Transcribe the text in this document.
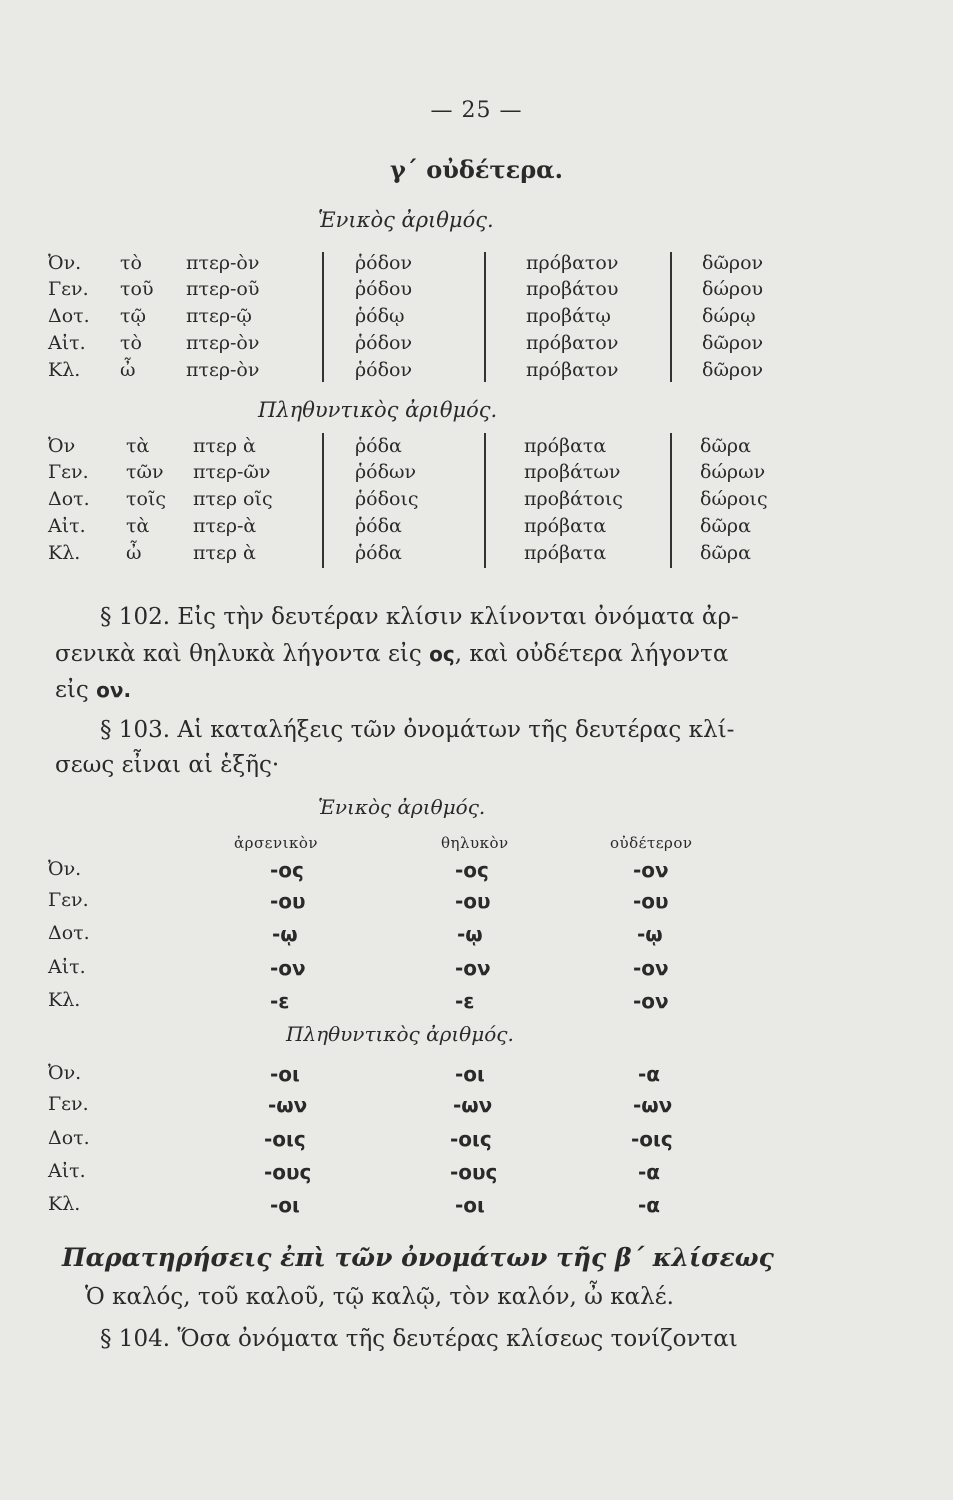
— 25 —
γ΄ οὐδέτερα.
Ἑνικὸς ἀριθμός.
Ὀν. τὸ πτερ-ὸν	ῥόδον	πρόβατον	δῶρον
Γεν. τοῦ πτερ-οῦ	ῥόδου	προβάτου	δώρου
Δοτ. τῷ πτερ-ῷ	ῥόδῳ	προβάτῳ	δώρῳ
Αἰτ. τὸ πτερ-ὸν	ῥόδον	πρόβατον	δῶρον
Κλ. ὦ	πτερ-ὸν	ῥόδον	πρόβατον	δῶρον
Πληθυντικὸς ἀριθμός.
Ὀν	τὰ πτερ ὰ	ῥόδα	πρόβατα	δῶρα
Γεν. τῶν πτερ-ῶν	ῥόδων	προβάτων	δώρων
Δοτ. τοῖς πτερ οῖς	ῥόδοις	προβάτοις	δώροις
Αἰτ. τὰ πτερ-ὰ	ῥόδα	πρόβατα	δῶρα
Κλ. ὦ	πτερ ὰ	ῥόδα	πρόβατα	δῶρα
§ 102. Εἰς τὴν δευτέραν κλίσιν κλίνονται ὀνόματα ἀρ-
σενικὰ καὶ θηλυκὰ λήγοντα εἰς ος, καὶ οὐδέτερα λήγοντα
εἰς ον.
§ 103. Αἱ καταλήξεις τῶν ὀνομάτων τῆς δευτέρας κλί-
σεως εἶναι αἱ ἑξῆς·
Ἑνικὸς ἀριθμός.
ἀρσενικὸν	θηλυκὸν	οὐδέτερον
Ὀν.	-ος	-ος	-ον
Γεν.	-ου	-ου	-ου
Δοτ.	-ῳ	-ῳ	-ῳ
Αἰτ.	-ον	-ον	-ον
Κλ.	-ε	-ε	-ον
Πληθυντικὸς ἀριθμός.
Ὀν.	-οι	-οι	-α
Γεν.	-ων	-ων	-ων
Δοτ.	-οις	-οις	-οις
Αἰτ.	-ους	-ους	-α
Κλ.	-οι	-οι	-α
Παρατηρήσεις ἐπὶ τῶν ὀνομάτων τῆς β΄ κλίσεως
Ὁ καλός, τοῦ καλοῦ, τῷ καλῷ, τὸν καλόν, ὦ καλέ.
§ 104. Ὅσα ὀνόματα τῆς δευτέρας κλίσεως τονίζονται
